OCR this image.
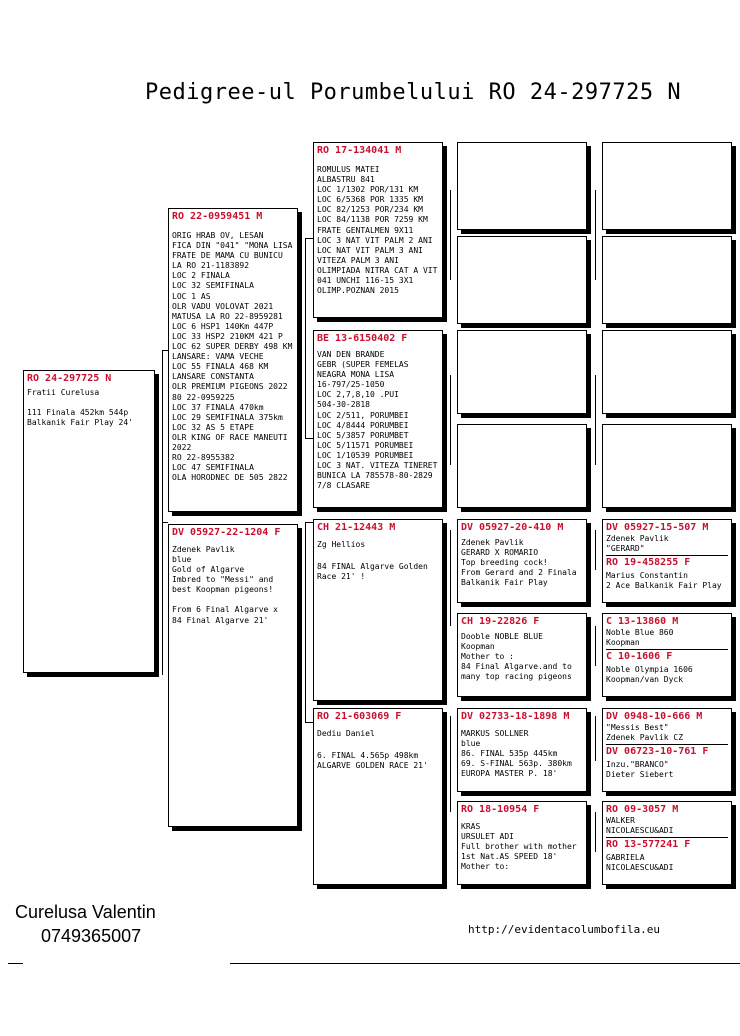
Pedigree-ul Porumbelului RO 24-297725 N
RO 24-297725 N
Fratii Curelusa
111 Finala 452km 544p
Balkanik Fair Play 24'
RO 22-0959451 M
ORIG HRAB OV, LESAN
FICA DIN "041" "MONA LISA
FRATE DE MAMA CU BUNICU
LA RO 21-1183892
LOC 2 FINALA
LOC 32 SEMIFINALA
LOC 1 AS
OLR VADU VOLOVAT 2021
MATUSA LA RO 22-8959281
LOC 6 HSP1 140Km 447P
LOC 33 HSP2 210KM 421 P
LOC 62 SUPER DERBY 498 KM
LANSARE: VAMA VECHE
LOC 55 FINALA 468 KM
LANSARE CONSTANTA
OLR PREMIUM PIGEONS 2022
80 22-0959225
LOC 37 FINALA 470km
LOC 29 SEMIFINALA 375km
LOC 32 AS 5 ETAPE
OLR KING OF RACE MANEUTI
2022
RO 22-8955382
LOC 47 SEMIFINALA
OLA HORODNEC DE 505 2822
DV 05927-22-1204 F
Zdenek Pavlik
blue
Gold of Algarve
Imbred to "Messi" and
best Koopman pigeons!
From 6 Final Algarve x
84 Final Algarve 21'
RO 17-134041 M
ROMULUS MATEI
ALBASTRU 841
LOC 1/1302 POR/131 KM
LOC 6/5368 POR 1335 KM
LOC 82/1253 POR/234 KM
LOC 84/1138 POR 7259 KM
FRATE GENTALMEN 9X11
LOC 3 NAT VIT PALM 2 ANI
LOC NAT VIT PALM 3 ANI
VITEZA PALM 3 ANI
OLIMPIADA NITRA CAT A VIT
041 UNCHI 116-15 3X1
OLIMP.POZNAN 2015
BE 13-6150402 F
VAN DEN BRANDE
GEBR (SUPER FEMELAS
NEAGRA MONA LISA
16-797/25-1050
LOC 2,7,8,10 .PUI
504-30-2818
LOC 2/511, PORUMBEI
LOC 4/8444 PORUMBEI
LOC 5/3857 PORUMBET
LOC 5/11571 PORUMBEI
LOC 1/10539 PORUMBEI
LOC 3 NAT. VITEZA TINERET
BUNICA LA 785578-80-2829
7/8 CLASARE
CH 21-12443 M
Zg Hellios
84 FINAL Algarve Golden
Race 21' !
RO 21-603069 F
Dediu Daniel
6. FINAL 4.565p 498km
ALGARVE GOLDEN RACE 21'
DV 05927-20-410 M
Zdenek Pavlik
GERARD X ROMARIO
Top breeding cock!
From Gerard and 2 Finala
Balkanik Fair Play
CH 19-22826 F
Dooble NOBLE BLUE
Koopman
Mother to :
84 Final Algarve.and to
many top racing pigeons
DV 02733-18-1898 M
MARKUS SOLLNER
blue
86. FINAL 535p 445km
69. S-FINAL 563p. 380km
EUROPA MASTER P. 18'
RO 18-10954 F
KRAS
URSULET ADI
Full brother with mother
1st Nat.AS SPEED 18'
Mother to:
DV 05927-15-507 M
Zdenek Pavlik
"GERARD"
RO 19-458255 F
Marius Constantin
2 Ace Balkanik Fair Play
C 13-13860 M
Noble Blue 860
Koopman
C 10-1606 F
Noble Olympia 1606
Koopman/van Dyck
DV 0948-10-666 M
"Messis Best"
Zdenek Pavlik CZ
DV 06723-10-761 F
Inzu."BRANCO"
Dieter Siebert
RO 09-3057 M
WALKER
NICOLAESCU&ADI
RO 13-577241 F
GABRIELA
NICOLAESCU&ADI
Curelusa Valentin
0749365007	http://evidentacolumbofila.eu
